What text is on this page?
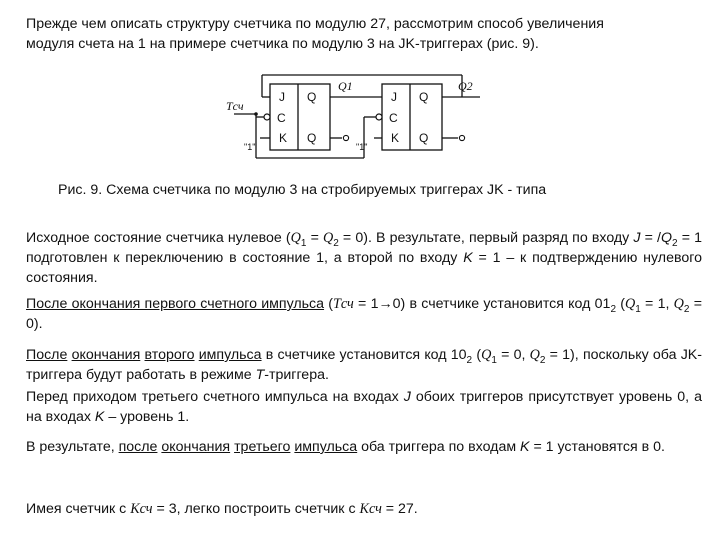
Прежде чем описать структуру счетчика по модулю 27, рассмотрим способ увеличения
модуля счета на 1 на примере счетчика по модулю 3 на JK-триггерах (рис. 9).

J
C
K
Q
Q
J
C
K
Q
Q
Tсч
Q1	Q2
"1"	"1"
Рис. 9. Схема счетчика по модулю 3 на стробируемых триггерах JK - типа

Исходное состояние счетчика нулевое $(Q_1 = Q_2 = 0)$. В результате, первый разряд по входу $J = /Q_2 = 1$ подготовлен к переключению в состояние 1, а второй по входу K = 1 – к подтверждению нулевого состояния.

После окончания первого счетного импульса (Tсч = 1→0) в счетчике установится код $01_2$ ($Q_1 = 1$, $Q_2 = 0$).

После окончания второго импульса в счетчике установится код $10_2$ ($Q_1 = 0$, $Q_2 = 1$), поскольку оба JK-триггера будут работать в режиме T-триггера.

Перед приходом третьего счетного импульса на входах J обоих триггеров присутствует уровень 0, а на входах K – уровень 1.

В результате, после окончания третьего импульса оба триггера по входам K = 1 установятся в 0.

Имея счетчик с Kсч = 3, легко построить счетчик с Kсч = 27.
